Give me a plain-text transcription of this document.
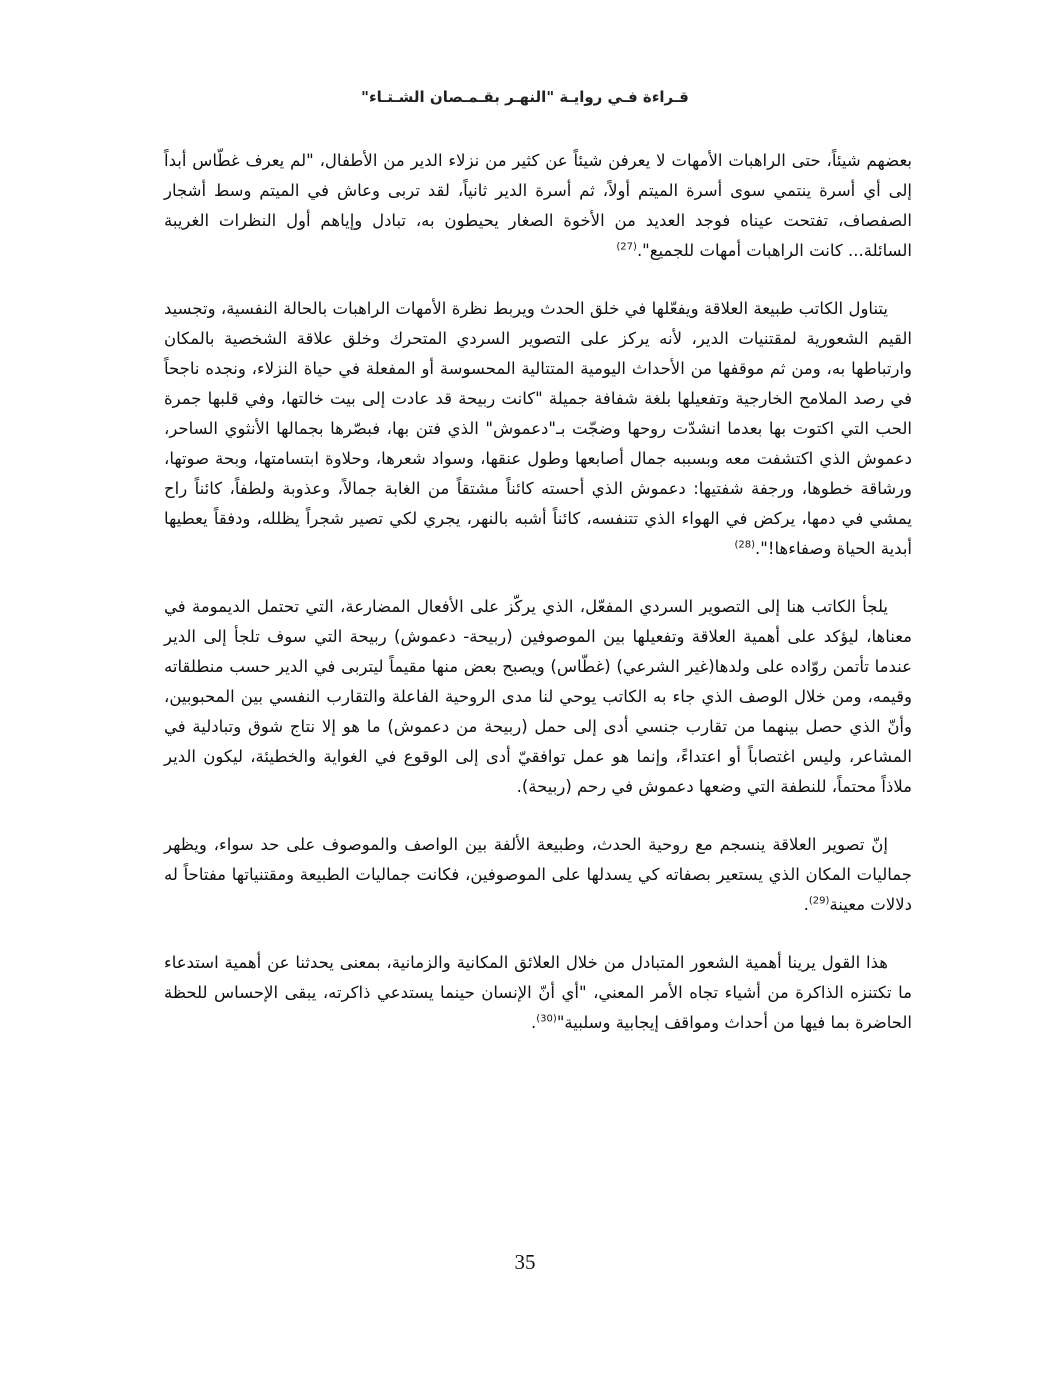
قـراءة فـي روايـة "النهـر بقـمـصان الشـتـاء"

بعضهم شيئاً، حتى الراهبات الأمهات لا يعرفن شيئاً عن كثير من نزلاء الدير من الأطفال، "لم يعرف غطّاس أبداً إلى أي أسرة ينتمي سوى أسرة الميتم أولاً، ثم أسرة الدير ثانياً، لقد تربى وعاش في الميتم وسط أشجار الصفصاف، تفتحت عيناه فوجد العديد من الأخوة الصغار يحيطون به، تبادل وإياهم أول النظرات الغريبة السائلة... كانت الراهبات أمهات للجميع".$^{(27)}$

يتناول الكاتب طبيعة العلاقة ويفعّلها في خلق الحدث ويربط نظرة الأمهات الراهبات بالحالة النفسية، وتجسيد القيم الشعورية لمقتنيات الدير، لأنه يركز على التصوير السردي المتحرك وخلق علاقة الشخصية بالمكان وارتباطها به، ومن ثم موقفها من الأحداث اليومية المتتالية المحسوسة أو المفعلة في حياة النزلاء، ونجده ناجحاً في رصد الملامح الخارجية وتفعيلها بلغة شفافة جميلة "كانت ربيحة قد عادت إلى بيت خالتها، وفي قلبها جمرة الحب التي اكتوت بها بعدما انشدّت روحها وضجّت بـ"دعموش" الذي فتن بها، فبصّرها بجمالها الأنثوي الساحر، دعموش الذي اكتشفت معه وبسببه جمال أصابعها وطول عنقها، وسواد شعرها، وحلاوة ابتسامتها، وبحة صوتها، ورشاقة خطوها، ورجفة شفتيها: دعموش الذي أحسته كائناً مشتقاً من الغابة جمالاً، وعذوبة ولطفاً، كائناً راح يمشي في دمها، يركض في الهواء الذي تتنفسه، كائناً أشبه بالنهر، يجري لكي تصير شجراً يظلله، ودفقاً يعطيها أبدية الحياة وصفاءها!".$^{(28)}$

يلجأ الكاتب هنا إلى التصوير السردي المفعّل، الذي يركّز على الأفعال المضارعة، التي تحتمل الديمومة في معناها، ليؤكد على أهمية العلاقة وتفعيلها بين الموصوفين (ربيحة- دعموش) ربيحة التي سوف تلجأ إلى الدير عندما تأتمن روّاده على ولدها(غير الشرعي) (غطّاس) ويصبح بعض منها مقيماً ليتربى في الدير حسب منطلقاته وقيمه، ومن خلال الوصف الذي جاء به الكاتب يوحي لنا مدى الروحية الفاعلة والتقارب النفسي بين المحبوبين، وأنّ الذي حصل بينهما من تقارب جنسي أدى إلى حمل (ربيحة من دعموش) ما هو إلا نتاج شوق وتبادلية في المشاعر، وليس اغتصاباً أو اعتداءً، وإنما هو عمل توافقيّ أدى إلى الوقوع في الغواية والخطيئة، ليكون الدير ملاذاً محتماً، للنطفة التي وضعها دعموش في رحم (ربيحة).

إنّ تصوير العلاقة ينسجم مع روحية الحدث، وطبيعة الألفة بين الواصف والموصوف على حد سواء، ويظهر جماليات المكان الذي يستعير بصفاته كي يسدلها على الموصوفين، فكانت جماليات الطبيعة ومقتنياتها مفتاحاً له دلالات معينة$^{(29)}$.

هذا القول يرينا أهمية الشعور المتبادل من خلال العلائق المكانية والزمانية، بمعنى يحدثنا عن أهمية استدعاء ما تكتنزه الذاكرة من أشياء تجاه الأمر المعني، "أي أنّ الإنسان حينما يستدعي ذاكرته، يبقى الإحساس للحظة الحاضرة بما فيها من أحداث ومواقف إيجابية وسلبية"$^{(30)}$.

35
